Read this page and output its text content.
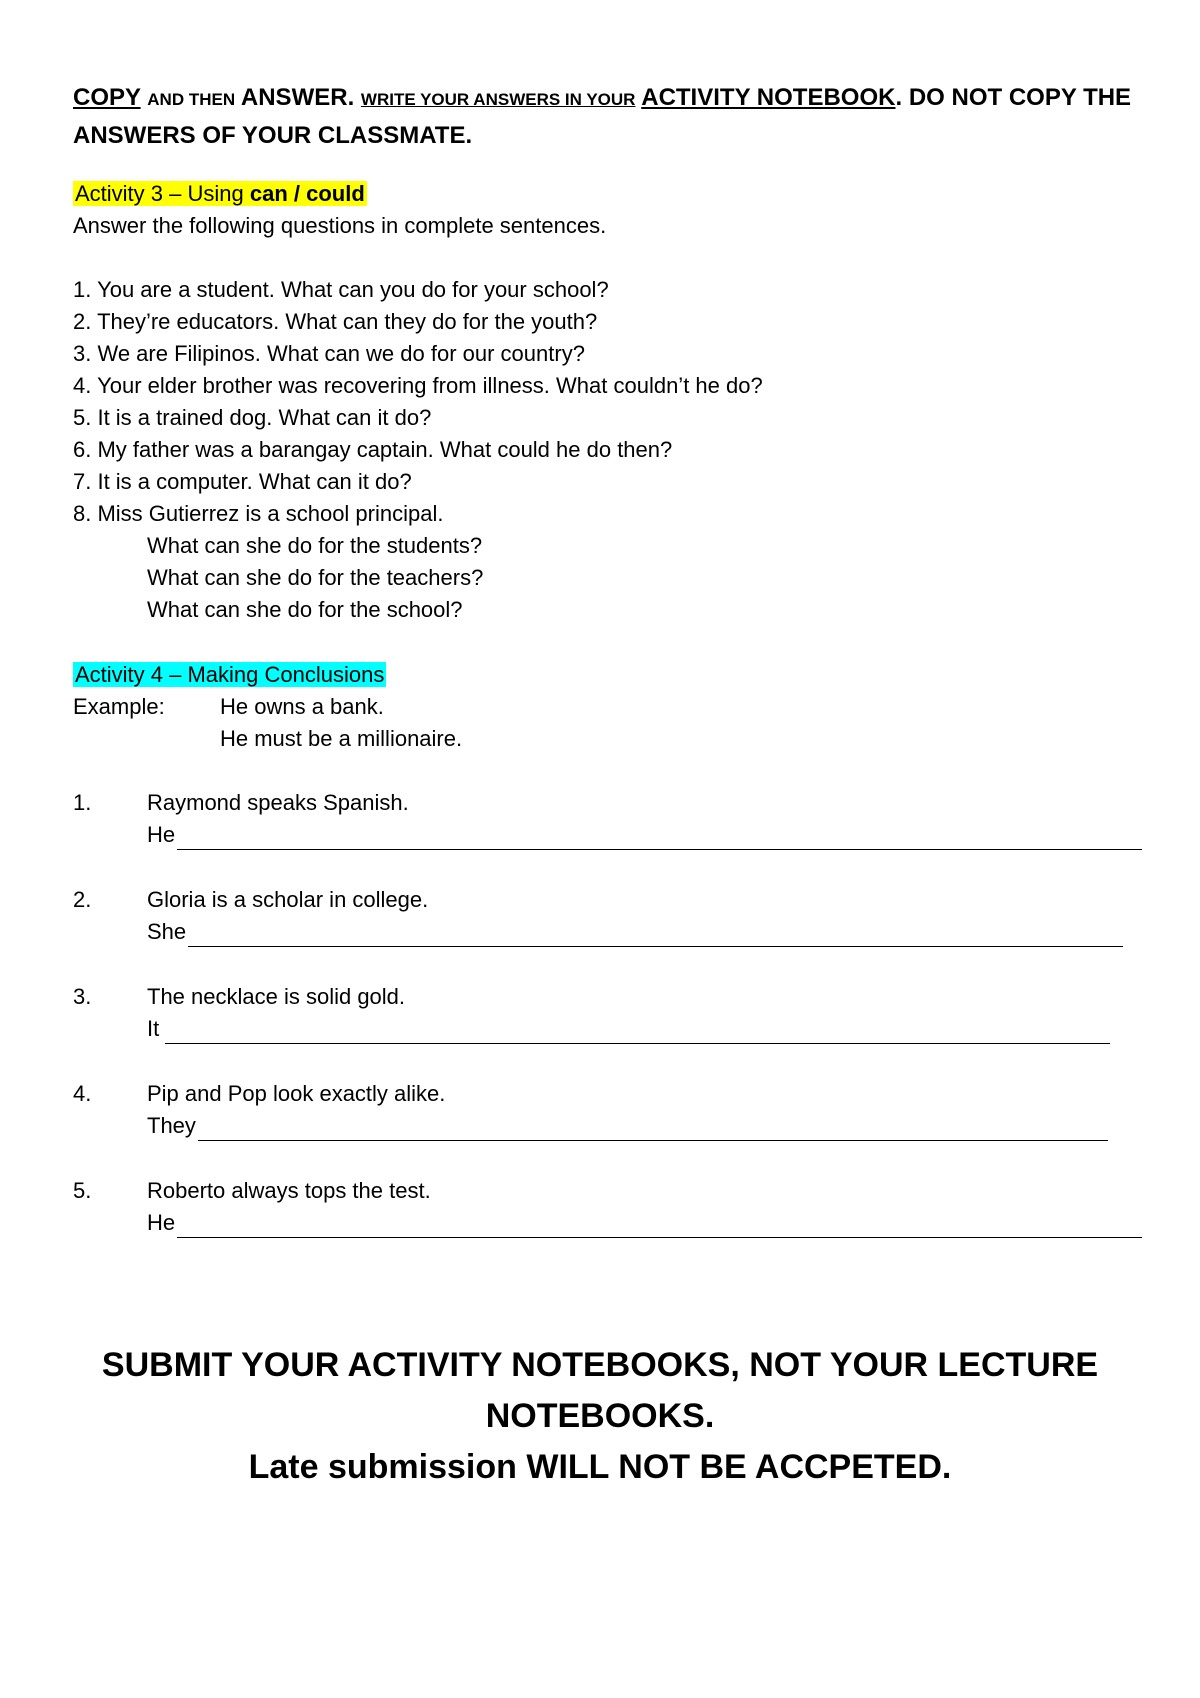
COPY AND THEN ANSWER. WRITE YOUR ANSWERS IN YOUR ACTIVITY NOTEBOOK. DO NOT COPY THE ANSWERS OF YOUR CLASSMATE.
Activity 3 – Using can / could
Answer the following questions in complete sentences.
1. You are a student. What can you do for your school?
2. They’re educators. What can they do for the youth?
3. We are Filipinos. What can we do for our country?
4. Your elder brother was recovering from illness. What couldn’t he do?
5. It is a trained dog. What can it do?
6. My father was a barangay captain. What could he do then?
7. It is a computer. What can it do?
8. Miss Gutierrez is a school principal.
What can she do for the students?
What can she do for the teachers?
What can she do for the school?
Activity 4 – Making Conclusions
Example:	He owns a bank.
He must be a millionaire.
1.	Raymond speaks Spanish.
He
2.	Gloria is a scholar in college.
She
3.	The necklace is solid gold.
It
4.	Pip and Pop look exactly alike.
They
5.	Roberto always tops the test.
He
SUBMIT YOUR ACTIVITY NOTEBOOKS, NOT YOUR LECTURE
NOTEBOOKS.
Late submission WILL NOT BE ACCPETED.
